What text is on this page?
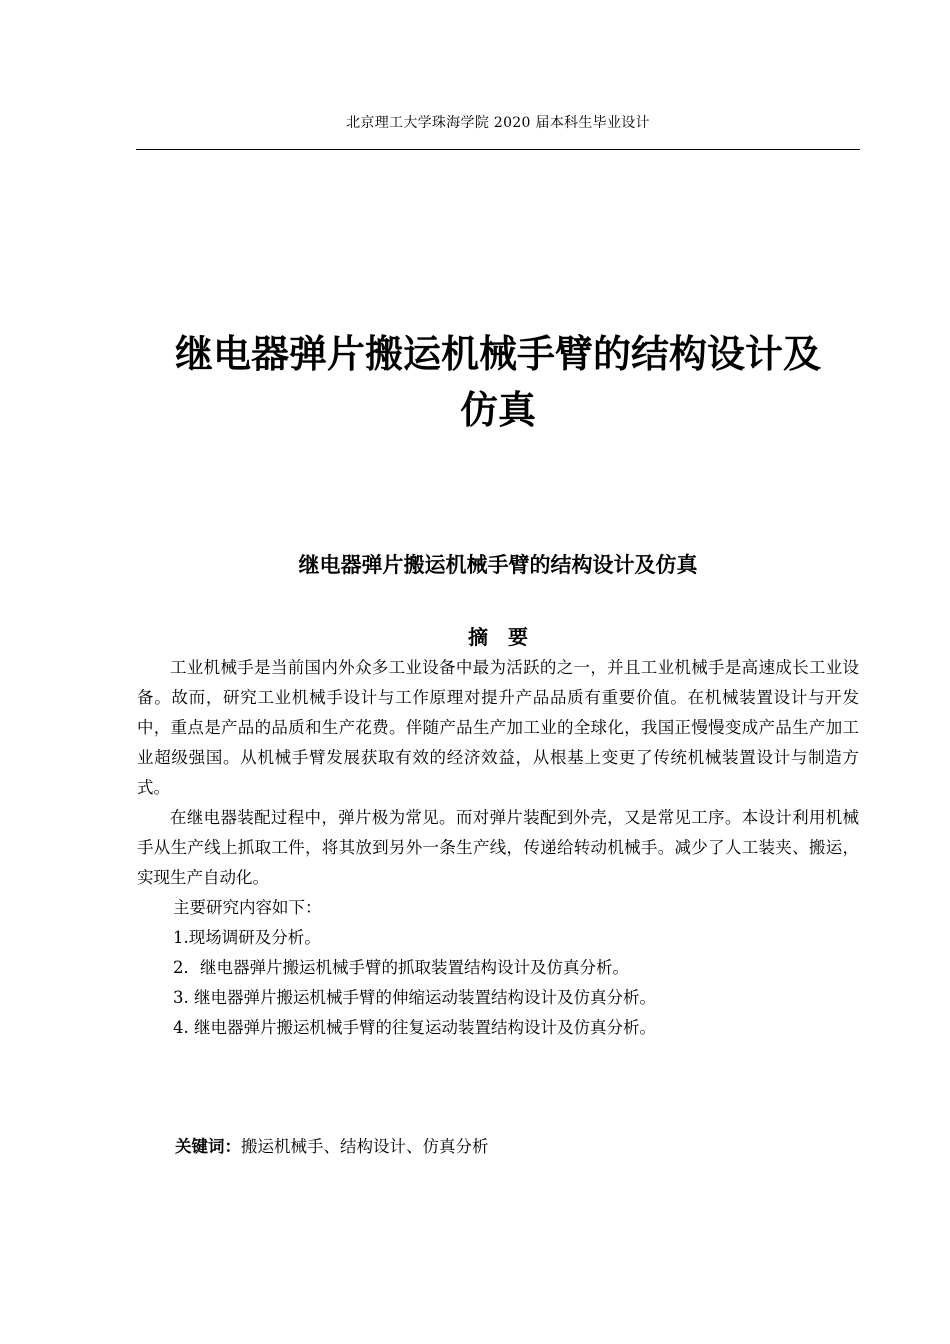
北京理工大学珠海学院 2020 届本科生毕业设计
继电器弹片搬运机械手臂的结构设计及
仿真
继电器弹片搬运机械手臂的结构设计及仿真
摘　要

工业机械手是当前国内外众多工业设备中最为活跃的之一，并且工业机械手是高速成长工业设备。故而，研究工业机械手设计与工作原理对提升产品品质有重要价值。在机械装置设计与开发中，重点是产品的品质和生产花费。伴随产品生产加工业的全球化，我国正慢慢变成产品生产加工业超级强国。从机械手臂发展获取有效的经济效益，从根基上变更了传统机械装置设计与制造方式。

在继电器装配过程中，弹片极为常见。而对弹片装配到外壳，又是常见工序。本设计利用机械手从生产线上抓取工件，将其放到另外一条生产线，传递给转动机械手。减少了人工装夹、搬运，实现生产自动化。

主要研究内容如下：
1.现场调研及分析。
2．继电器弹片搬运机械手臂的抓取装置结构设计及仿真分析。
3. 继电器弹片搬运机械手臂的伸缩运动装置结构设计及仿真分析。
4. 继电器弹片搬运机械手臂的往复运动装置结构设计及仿真分析。
关键词：搬运机械手、结构设计、仿真分析
